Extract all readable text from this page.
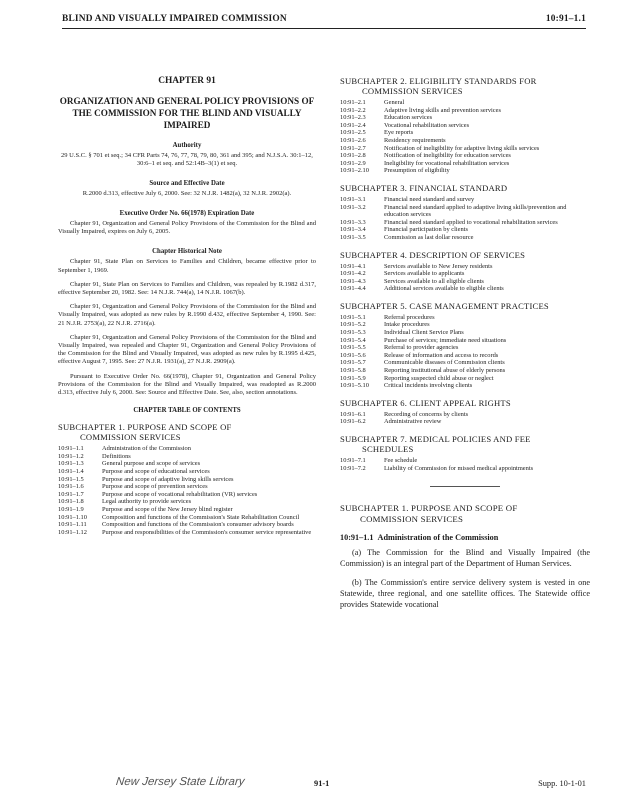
BLIND AND VISUALLY IMPAIRED COMMISSION	10:91–1.1
CHAPTER 91
ORGANIZATION AND GENERAL POLICY PROVISIONS OF THE COMMISSION FOR THE BLIND AND VISUALLY IMPAIRED
Authority
29 U.S.C. § 701 et seq.; 34 CFR Parts 74, 76, 77, 78, 79, 80, 361 and 395; and N.J.S.A. 30:1–12, 30:6–1 et seq. and 52:14B–3(1) et seq.
Source and Effective Date
R.2000 d.313, effective July 6, 2000. See: 32 N.J.R. 1482(a), 32 N.J.R. 2902(a).
Executive Order No. 66(1978) Expiration Date
Chapter 91, Organization and General Policy Provisions of the Commission for the Blind and Visually Impaired, expires on July 6, 2005.
Chapter Historical Note
Chapter 91, State Plan on Services to Families and Children, became effective prior to September 1, 1969.
Chapter 91, State Plan on Services to Families and Children, was repealed by R.1982 d.317, effective September 20, 1982. See: 14 N.J.R. 744(a), 14 N.J.R. 1067(b).
Chapter 91, Organization and General Policy Provisions of the Commission for the Blind and Visually Impaired, was adopted as new rules by R.1990 d.432, effective September 4, 1990. See: 21 N.J.R. 2753(a), 22 N.J.R. 2716(a).
Chapter 91, Organization and General Policy Provisions of the Commission for the Blind and Visually Impaired, was repealed and Chapter 91, Organization and General Policy Provisions of the Commission for the Blind and Visually Impaired, was adopted as new rules by R.1995 d.425, effective August 7, 1995. See: 27 N.J.R. 1931(a), 27 N.J.R. 2909(a).
Pursuant to Executive Order No. 66(1978), Chapter 91, Organization and General Policy Provisions of the Commission for the Blind and Visually Impaired, was readopted as R.2000 d.313, effective July 6, 2000. See: Source and Effective Date. See, also, section annotations.
CHAPTER TABLE OF CONTENTS
SUBCHAPTER 1. PURPOSE AND SCOPE OF
COMMISSION SERVICES
10:91–1.1	Administration of the Commission
10:91–1.2	Definitions
10:91–1.3	General purpose and scope of services
10:91–1.4	Purpose and scope of educational services
10:91–1.5	Purpose and scope of adaptive living skills services
10:91–1.6	Purpose and scope of prevention services
10:91–1.7	Purpose and scope of vocational rehabilitation (VR) services
10:91–1.8	Legal authority to provide services
10:91–1.9	Purpose and scope of the New Jersey blind register
10:91–1.10	Composition and functions of the Commission's State Rehabilitation Council
10:91–1.11	Composition and functions of the Commission's consumer advisory boards
10:91–1.12	Purpose and responsibilities of the Commission's consumer service representative
SUBCHAPTER 2. ELIGIBILITY STANDARDS FOR
COMMISSION SERVICES
10:91–2.1	General
10:91–2.2	Adaptive living skills and prevention services
10:91–2.3	Education services
10:91–2.4	Vocational rehabilitation services
10:91–2.5	Eye reports
10:91–2.6	Residency requirements
10:91–2.7	Notification of ineligibility for adaptive living skills services
10:91–2.8	Notification of ineligibility for education services
10:91–2.9	Ineligibility for vocational rehabilitation services
10:91–2.10	Presumption of eligibility
SUBCHAPTER 3. FINANCIAL STANDARD
10:91–3.1	Financial need standard and survey
10:91–3.2	Financial need standard applied to adaptive living skills/prevention and education services
10:91–3.3	Financial need standard applied to vocational rehabilitation services
10:91–3.4	Financial participation by clients
10:91–3.5	Commission as last dollar resource
SUBCHAPTER 4. DESCRIPTION OF SERVICES
10:91–4.1	Services available to New Jersey residents
10:91–4.2	Services available to applicants
10:91–4.3	Services available to all eligible clients
10:91–4.4	Additional services available to eligible clients
SUBCHAPTER 5. CASE MANAGEMENT PRACTICES
10:91–5.1	Referral procedures
10:91–5.2	Intake procedures
10:91–5.3	Individual Client Service Plans
10:91–5.4	Purchase of services; immediate need situations
10:91–5.5	Referral to provider agencies
10:91–5.6	Release of information and access to records
10:91–5.7	Communicable diseases of Commission clients
10:91–5.8	Reporting institutional abuse of elderly persons
10:91–5.9	Reporting suspected child abuse or neglect
10:91–5.10	Critical incidents involving clients
SUBCHAPTER 6. CLIENT APPEAL RIGHTS
10:91–6.1	Recording of concerns by clients
10:91–6.2	Administrative review
SUBCHAPTER 7. MEDICAL POLICIES AND FEE
SCHEDULES
10:91–7.1	Fee schedule
10:91–7.2	Liability of Commission for missed medical appointments
SUBCHAPTER 1. PURPOSE AND SCOPE OF
COMMISSION SERVICES
10:91–1.1 Administration of the Commission
(a) The Commission for the Blind and Visually Impaired (the Commission) is an integral part of the Department of Human Services.
(b) The Commission's entire service delivery system is vested in one Statewide, three regional, and one satellite offices. The Statewide office provides Statewide vocational
New Jersey State Library	91-1	Supp. 10-1-01
